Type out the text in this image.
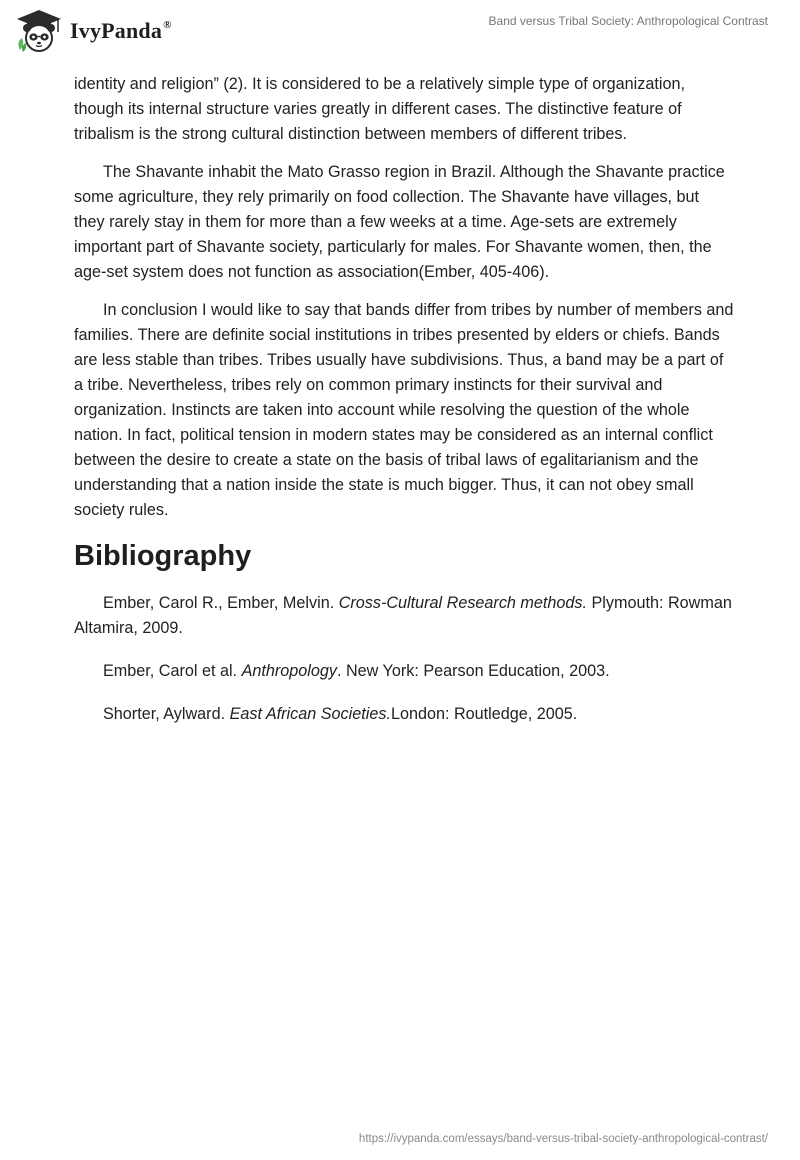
IvyPanda®	Band versus Tribal Society: Anthropological Contrast

identity and religion” (2). It is considered to be a relatively simple type of organization, though its internal structure varies greatly in different cases. The distinctive feature of tribalism is the strong cultural distinction between members of different tribes.

The Shavante inhabit the Mato Grasso region in Brazil. Although the Shavante practice some agriculture, they rely primarily on food collection. The Shavante have villages, but they rarely stay in them for more than a few weeks at a time. Age-sets are extremely important part of Shavante society, particularly for males. For Shavante women, then, the age-set system does not function as association(Ember, 405-406).

In conclusion I would like to say that bands differ from tribes by number of members and families. There are definite social institutions in tribes presented by elders or chiefs. Bands are less stable than tribes. Tribes usually have subdivisions. Thus, a band may be a part of a tribe. Nevertheless, tribes rely on common primary instincts for their survival and organization. Instincts are taken into account while resolving the question of the whole nation. In fact, political tension in modern states may be considered as an internal conflict between the desire to create a state on the basis of tribal laws of egalitarianism and the understanding that a nation inside the state is much bigger. Thus, it can not obey small society rules.

Bibliography

Ember, Carol R., Ember, Melvin. Cross-Cultural Research methods. Plymouth: Rowman Altamira, 2009.

Ember, Carol et al. Anthropology. New York: Pearson Education, 2003.

Shorter, Aylward. East African Societies.London: Routledge, 2005.

https://ivypanda.com/essays/band-versus-tribal-society-anthropological-contrast/
